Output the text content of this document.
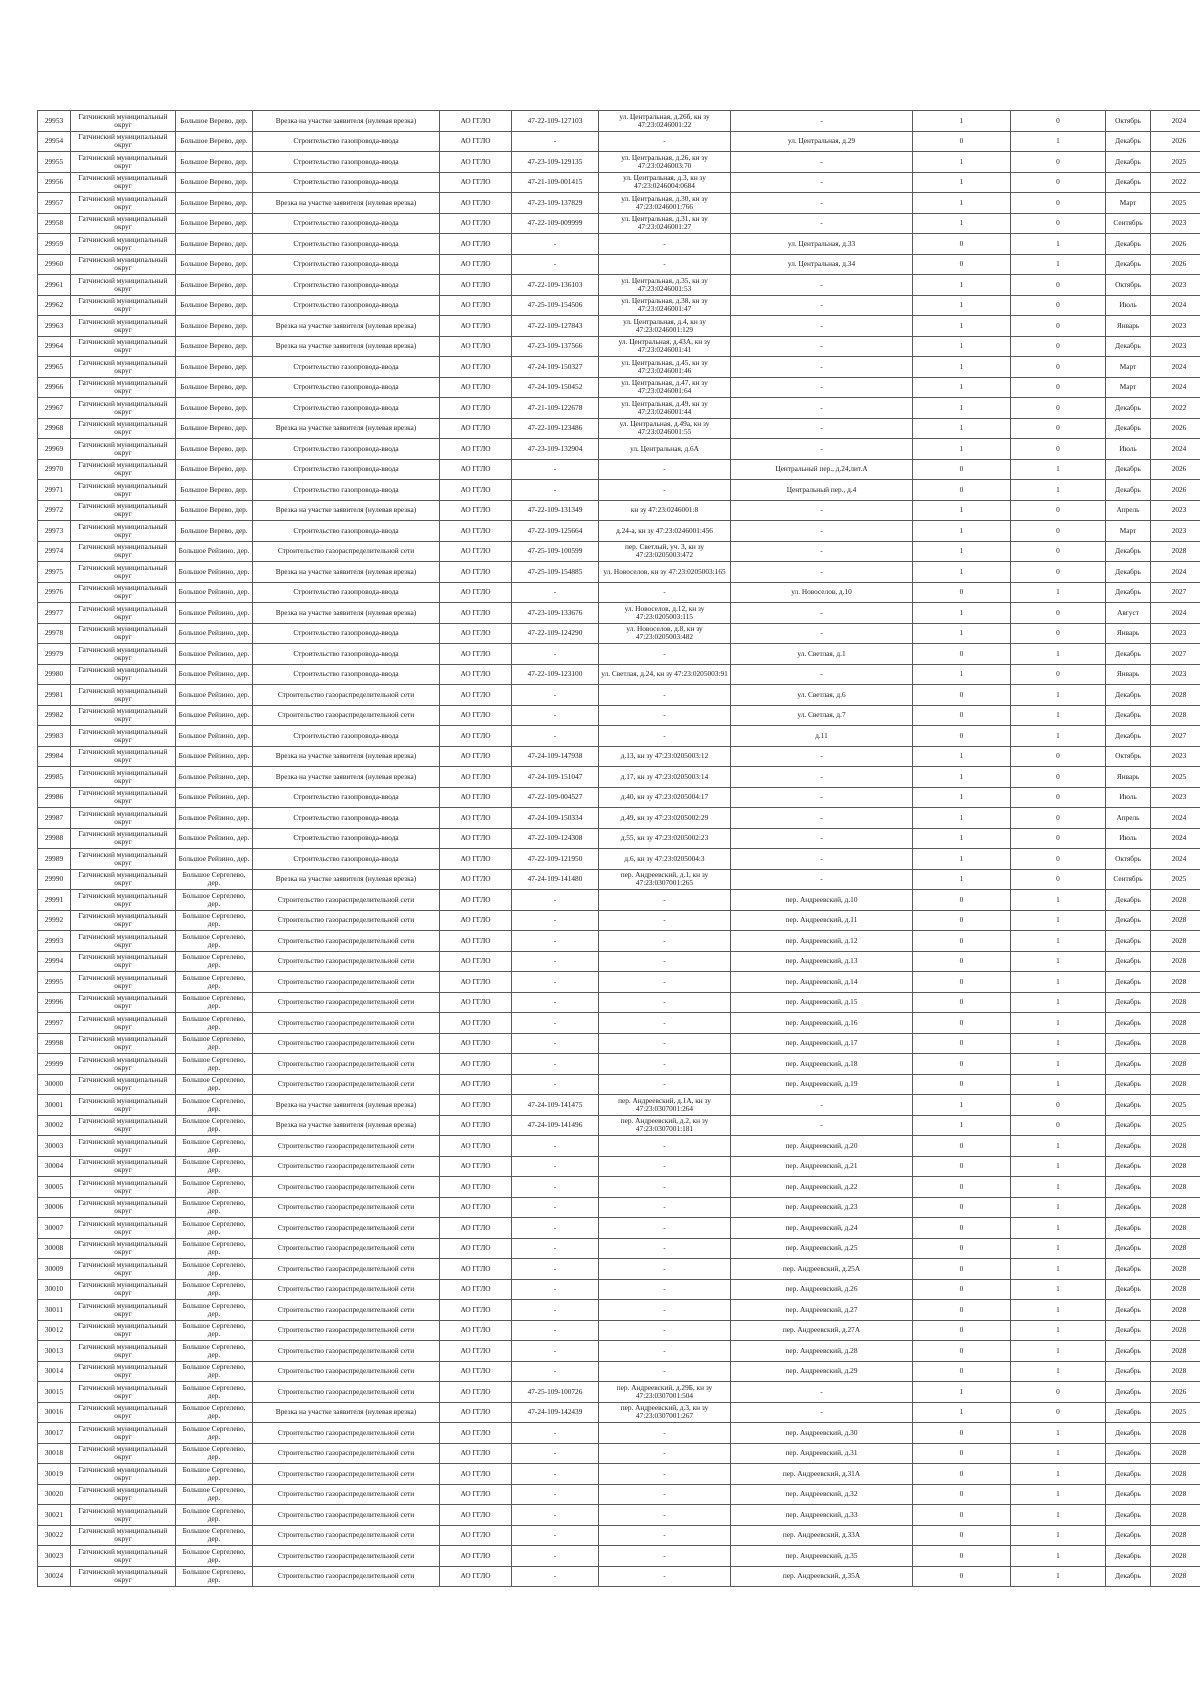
29953	Гатчинский муниципальный округ	Большое Верево, дер.	Врезка на участке заявителя (нулевая врезка)	АО ГГЛО	47-22-109-127103	ул. Центральная, д.26б, кн зу 47:23:0246001:22	-	1	0	Октябрь	2024
29954	Гатчинский муниципальный округ	Большое Верево, дер.	Строительство газопровода-ввода	АО ГГЛО	-	-	ул. Центральная, д.29	0	1	Декабрь	2026
29955	Гатчинский муниципальный округ	Большое Верево, дер.	Строительство газопровода-ввода	АО ГГЛО	47-23-109-129135	ул. Центральная, д.26, кн зу 47:23:0246003:70	-	1	0	Декабрь	2025
29956	Гатчинский муниципальный округ	Большое Верево, дер.	Строительство газопровода-ввода	АО ГГЛО	47-21-109-001415	ул. Центральная, д.3, кн зу 47:23:0246004:0684	-	1	0	Декабрь	2022
29957	Гатчинский муниципальный округ	Большое Верево, дер.	Врезка на участке заявителя (нулевая врезка)	АО ГГЛО	47-23-109-137829	ул. Центральная, д.30, кн зу 47:23:0246001:766	-	1	0	Март	2025
29958	Гатчинский муниципальный округ	Большое Верево, дер.	Строительство газопровода-ввода	АО ГГЛО	47-22-109-009999	ул. Центральная, д.31, кн зу 47:23:0246001:27	-	1	0	Сентябрь	2023
29959	Гатчинский муниципальный округ	Большое Верево, дер.	Строительство газопровода-ввода	АО ГГЛО	-	-	ул. Центральная, д.33	0	1	Декабрь	2026
29960	Гатчинский муниципальный округ	Большое Верево, дер.	Строительство газопровода-ввода	АО ГГЛО	-	-	ул. Центральная, д.34	0	1	Декабрь	2026
29961	Гатчинский муниципальный округ	Большое Верево, дер.	Строительство газопровода-ввода	АО ГГЛО	47-22-109-136103	ул. Центральная, д.35, кн зу 47:23:0246001:53	-	1	0	Октябрь	2023
29962	Гатчинский муниципальный округ	Большое Верево, дер.	Строительство газопровода-ввода	АО ГГЛО	47-25-109-154506	ул. Центральная, д.38, кн зу 47:23:0246001:47	-	1	0	Июль	2024
29963	Гатчинский муниципальный округ	Большое Верево, дер.	Врезка на участке заявителя (нулевая врезка)	АО ГГЛО	47-22-109-127843	ул. Центральная, д.4, кн зу 47:23:0246001:129	-	1	0	Январь	2023
29964	Гатчинский муниципальный округ	Большое Верево, дер.	Врезка на участке заявителя (нулевая врезка)	АО ГГЛО	47-23-109-137566	ул. Центральная, д.43А, кн зу 47:23:0246001:41	-	1	0	Декабрь	2023
29965	Гатчинский муниципальный округ	Большое Верево, дер.	Строительство газопровода-ввода	АО ГГЛО	47-24-109-150327	ул. Центральная, д.45, кн зу 47:23:0246001:46	-	1	0	Март	2024
29966	Гатчинский муниципальный округ	Большое Верево, дер.	Строительство газопровода-ввода	АО ГГЛО	47-24-109-150452	ул. Центральная, д.47, кн зу 47:23:0246001:64	-	1	0	Март	2024
29967	Гатчинский муниципальный округ	Большое Верево, дер.	Строительство газопровода-ввода	АО ГГЛО	47-21-109-122678	ул. Центральная, д.49, кн зу 47:23:0246001:44	-	1	0	Декабрь	2022
29968	Гатчинский муниципальный округ	Большое Верево, дер.	Врезка на участке заявителя (нулевая врезка)	АО ГГЛО	47-22-109-123486	ул. Центральная, д.49а, кн зу 47:23:0246001:55	-	1	0	Декабрь	2026
29969	Гатчинский муниципальный округ	Большое Верево, дер.	Строительство газопровода-ввода	АО ГГЛО	47-23-109-132904	ул. Центральная, д.6А	-	1	0	Июль	2024
29970	Гатчинский муниципальный округ	Большое Верево, дер.	Строительство газопровода-ввода	АО ГГЛО	-	-	Центральный пер., д.24,лит.А	0	1	Декабрь	2026
29971	Гатчинский муниципальный округ	Большое Верево, дер.	Строительство газопровода-ввода	АО ГГЛО	-	-	Центральный пер., д.4	0	1	Декабрь	2026
29972	Гатчинский муниципальный округ	Большое Верево, дер.	Врезка на участке заявителя (нулевая врезка)	АО ГГЛО	47-22-109-131349	кн зу 47:23:0246001:8	-	1	0	Апрель	2023
29973	Гатчинский муниципальный округ	Большое Верево, дер.	Строительство газопровода-ввода	АО ГГЛО	47-22-109-125664	д.24-а, кн зу 47:23:0246001:456	-	1	0	Март	2023
29974	Гатчинский муниципальный округ	Большое Рейзино, дер.	Строительство газораспределительной сети	АО ГГЛО	47-25-109-100599	пер. Светлый, уч. 3, кн зу 47:23:0205003:472	-	1	0	Декабрь	2028
29975	Гатчинский муниципальный округ	Большое Рейзино, дер.	Врезка на участке заявителя (нулевая врезка)	АО ГГЛО	47-25-109-154885	ул. Новоселов, кн зу 47:23:0205003:165	-	1	0	Декабрь	2024
29976	Гатчинский муниципальный округ	Большое Рейзино, дер.	Строительство газопровода-ввода	АО ГГЛО	-	-	ул. Новоселов, д.10	0	1	Декабрь	2027
29977	Гатчинский муниципальный округ	Большое Рейзино, дер.	Врезка на участке заявителя (нулевая врезка)	АО ГГЛО	47-23-109-133676	ул. Новоселов, д.12, кн зу 47:23:0205003:115	-	1	0	Август	2024
29978	Гатчинский муниципальный округ	Большое Рейзино, дер.	Строительство газопровода-ввода	АО ГГЛО	47-22-109-124290	ул. Новоселов, д.8, кн зу 47:23:0205003:482	-	1	0	Январь	2023
29979	Гатчинский муниципальный округ	Большое Рейзино, дер.	Строительство газопровода-ввода	АО ГГЛО	-	-	ул. Светлая, д.1	0	1	Декабрь	2027
29980	Гатчинский муниципальный округ	Большое Рейзино, дер.	Строительство газопровода-ввода	АО ГГЛО	47-22-109-123100	ул. Светлая, д.24, кн зу 47:23:0205003:91	-	1	0	Январь	2023
29981	Гатчинский муниципальный округ	Большое Рейзино, дер.	Строительство газораспределительной сети	АО ГГЛО	-	-	ул. Светлая, д.6	0	1	Декабрь	2028
29982	Гатчинский муниципальный округ	Большое Рейзино, дер.	Строительство газораспределительной сети	АО ГГЛО	-	-	ул. Светлая, д.7	0	1	Декабрь	2028
29983	Гатчинский муниципальный округ	Большое Рейзино, дер.	Строительство газопровода-ввода	АО ГГЛО	-	-	д.11	0	1	Декабрь	2027
29984	Гатчинский муниципальный округ	Большое Рейзино, дер.	Врезка на участке заявителя (нулевая врезка)	АО ГГЛО	47-24-109-147938	д.13, кн зу 47:23:0205003:12	-	1	0	Октябрь	2023
29985	Гатчинский муниципальный округ	Большое Рейзино, дер.	Врезка на участке заявителя (нулевая врезка)	АО ГГЛО	47-24-109-151047	д.17, кн зу 47:23:0205003:14	-	1	0	Январь	2025
29986	Гатчинский муниципальный округ	Большое Рейзино, дер.	Строительство газопровода-ввода	АО ГГЛО	47-22-109-004527	д.40, кн зу 47:23:0205004:17	-	1	0	Июль	2023
29987	Гатчинский муниципальный округ	Большое Рейзино, дер.	Строительство газопровода-ввода	АО ГГЛО	47-24-109-150334	д.49, кн зу 47:23:0205002:29	-	1	0	Апрель	2024
29988	Гатчинский муниципальный округ	Большое Рейзино, дер.	Строительство газопровода-ввода	АО ГГЛО	47-22-109-124308	д.55, кн зу 47:23:0205002:23	-	1	0	Июль	2024
29989	Гатчинский муниципальный округ	Большое Рейзино, дер.	Строительство газопровода-ввода	АО ГГЛО	47-22-109-121950	д.6, кн зу 47:23:0205004:3	-	1	0	Октябрь	2024
29990	Гатчинский муниципальный округ	Большое Сергелево, дер.	Врезка на участке заявителя (нулевая врезка)	АО ГГЛО	47-24-109-141480	пер. Андреевский, д.1, кн зу 47:23:0307001:265	-	1	0	Сентябрь	2025
29991	Гатчинский муниципальный округ	Большое Сергелево, дер.	Строительство газораспределительной сети	АО ГГЛО	-	-	пер. Андреевский, д.10	0	1	Декабрь	2028
29992	Гатчинский муниципальный округ	Большое Сергелево, дер.	Строительство газораспределительной сети	АО ГГЛО	-	-	пер. Андреевский, д.11	0	1	Декабрь	2028
29993	Гатчинский муниципальный округ	Большое Сергелево, дер.	Строительство газораспределительной сети	АО ГГЛО	-	-	пер. Андреевский, д.12	0	1	Декабрь	2028
29994	Гатчинский муниципальный округ	Большое Сергелево, дер.	Строительство газораспределительной сети	АО ГГЛО	-	-	пер. Андреевский, д.13	0	1	Декабрь	2028
29995	Гатчинский муниципальный округ	Большое Сергелево, дер.	Строительство газораспределительной сети	АО ГГЛО	-	-	пер. Андреевский, д.14	0	1	Декабрь	2028
29996	Гатчинский муниципальный округ	Большое Сергелево, дер.	Строительство газораспределительной сети	АО ГГЛО	-	-	пер. Андреевский, д.15	0	1	Декабрь	2028
29997	Гатчинский муниципальный округ	Большое Сергелево, дер.	Строительство газораспределительной сети	АО ГГЛО	-	-	пер. Андреевский, д.16	0	1	Декабрь	2028
29998	Гатчинский муниципальный округ	Большое Сергелево, дер.	Строительство газораспределительной сети	АО ГГЛО	-	-	пер. Андреевский, д.17	0	1	Декабрь	2028
29999	Гатчинский муниципальный округ	Большое Сергелево, дер.	Строительство газораспределительной сети	АО ГГЛО	-	-	пер. Андреевский, д.18	0	1	Декабрь	2028
30000	Гатчинский муниципальный округ	Большое Сергелево, дер.	Строительство газораспределительной сети	АО ГГЛО	-	-	пер. Андреевский, д.19	0	1	Декабрь	2028
30001	Гатчинский муниципальный округ	Большое Сергелево, дер.	Врезка на участке заявителя (нулевая врезка)	АО ГГЛО	47-24-109-141475	пер. Андреевский, д.1А, кн зу 47:23:0307001:264	-	1	0	Декабрь	2025
30002	Гатчинский муниципальный округ	Большое Сергелево, дер.	Врезка на участке заявителя (нулевая врезка)	АО ГГЛО	47-24-109-141496	пер. Андреевский, д.2, кн зу 47:23:0307001:181	-	1	0	Декабрь	2025
30003	Гатчинский муниципальный округ	Большое Сергелево, дер.	Строительство газораспределительной сети	АО ГГЛО	-	-	пер. Андреевский, д.20	0	1	Декабрь	2028
30004	Гатчинский муниципальный округ	Большое Сергелево, дер.	Строительство газораспределительной сети	АО ГГЛО	-	-	пер. Андреевский, д.21	0	1	Декабрь	2028
30005	Гатчинский муниципальный округ	Большое Сергелево, дер.	Строительство газораспределительной сети	АО ГГЛО	-	-	пер. Андреевский, д.22	0	1	Декабрь	2028
30006	Гатчинский муниципальный округ	Большое Сергелево, дер.	Строительство газораспределительной сети	АО ГГЛО	-	-	пер. Андреевский, д.23	0	1	Декабрь	2028
30007	Гатчинский муниципальный округ	Большое Сергелево, дер.	Строительство газораспределительной сети	АО ГГЛО	-	-	пер. Андреевский, д.24	0	1	Декабрь	2028
30008	Гатчинский муниципальный округ	Большое Сергелево, дер.	Строительство газораспределительной сети	АО ГГЛО	-	-	пер. Андреевский, д.25	0	1	Декабрь	2028
30009	Гатчинский муниципальный округ	Большое Сергелево, дер.	Строительство газораспределительной сети	АО ГГЛО	-	-	пер. Андреевский, д.25А	0	1	Декабрь	2028
30010	Гатчинский муниципальный округ	Большое Сергелево, дер.	Строительство газораспределительной сети	АО ГГЛО	-	-	пер. Андреевский, д.26	0	1	Декабрь	2028
30011	Гатчинский муниципальный округ	Большое Сергелево, дер.	Строительство газораспределительной сети	АО ГГЛО	-	-	пер. Андреевский, д.27	0	1	Декабрь	2028
30012	Гатчинский муниципальный округ	Большое Сергелево, дер.	Строительство газораспределительной сети	АО ГГЛО	-	-	пер. Андреевский, д.27А	0	1	Декабрь	2028
30013	Гатчинский муниципальный округ	Большое Сергелево, дер.	Строительство газораспределительной сети	АО ГГЛО	-	-	пер. Андреевский, д.28	0	1	Декабрь	2028
30014	Гатчинский муниципальный округ	Большое Сергелево, дер.	Строительство газораспределительной сети	АО ГГЛО	-	-	пер. Андреевский, д.29	0	1	Декабрь	2028
30015	Гатчинский муниципальный округ	Большое Сергелево, дер.	Строительство газораспределительной сети	АО ГГЛО	47-25-109-100726	пер. Андреевский, д.29Б, кн зу 47:23:0307001:504	-	1	0	Декабрь	2026
30016	Гатчинский муниципальный округ	Большое Сергелево, дер.	Врезка на участке заявителя (нулевая врезка)	АО ГГЛО	47-24-109-142439	пер. Андреевский, д.3, кн зу 47:23:0307001:267	-	1	0	Декабрь	2025
30017	Гатчинский муниципальный округ	Большое Сергелево, дер.	Строительство газораспределительной сети	АО ГГЛО	-	-	пер. Андреевский, д.30	0	1	Декабрь	2028
30018	Гатчинский муниципальный округ	Большое Сергелево, дер.	Строительство газораспределительной сети	АО ГГЛО	-	-	пер. Андреевский, д.31	0	1	Декабрь	2028
30019	Гатчинский муниципальный округ	Большое Сергелево, дер.	Строительство газораспределительной сети	АО ГГЛО	-	-	пер. Андреевский, д.31А	0	1	Декабрь	2028
30020	Гатчинский муниципальный округ	Большое Сергелево, дер.	Строительство газораспределительной сети	АО ГГЛО	-	-	пер. Андреевский, д.32	0	1	Декабрь	2028
30021	Гатчинский муниципальный округ	Большое Сергелево, дер.	Строительство газораспределительной сети	АО ГГЛО	-	-	пер. Андреевский, д.33	0	1	Декабрь	2028
30022	Гатчинский муниципальный округ	Большое Сергелево, дер.	Строительство газораспределительной сети	АО ГГЛО	-	-	пер. Андреевский, д.33А	0	1	Декабрь	2028
30023	Гатчинский муниципальный округ	Большое Сергелево, дер.	Строительство газораспределительной сети	АО ГГЛО	-	-	пер. Андреевский, д.35	0	1	Декабрь	2028
30024	Гатчинский муниципальный округ	Большое Сергелево, дер.	Строительство газораспределительной сети	АО ГГЛО	-	-	пер. Андреевский, д.35А	0	1	Декабрь	2028
